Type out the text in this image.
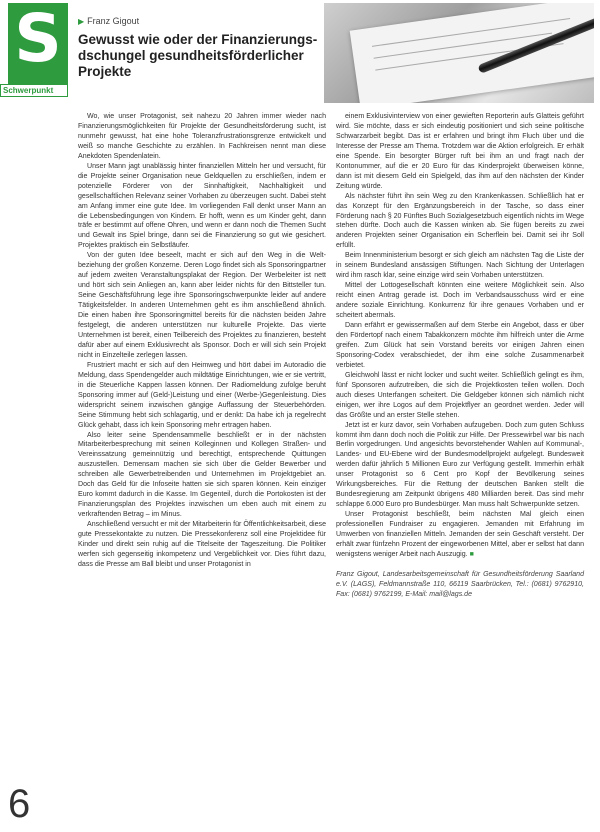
S
Schwerpunkt
▶ Franz Gigout
Gewusst wie oder der Finanzierungs-dschungel gesundheitsförderlicher Projekte

Wo, wie unser Protagonist, seit nahezu 20 Jahren immer wieder nach Finanzierungsmöglichkeiten für Projekte der Gesundheitsförderung sucht, ist nunmehr gewusst, hat eine hohe Toleranzfrustrationsgrenze entwickelt und weiß so manche Geschichte zu erzählen. In Fachkreisen nennt man diese Anekdoten Spendenlatein.

Unser Mann jagt unablässig hinter finanziellen Mitteln her und versucht, für die Projekte seiner Organisation neue Geldquellen zu erschließen, indem er potenzielle Förderer von der Sinnhaftigkeit, Nachhaltigkeit und gesellschaftlichen Relevanz seiner Vorhaben zu überzeugen sucht. Dabei steht am Anfang immer eine gute Idee. Im vorliegenden Fall denkt unser Mann an die Lebensbedingungen von Kindern. Er hofft, wenn es um Kinder geht, dann träfe er bestimmt auf offene Ohren, und wenn er dann noch die Themen Sucht und Gewalt ins Spiel bringe, dann sei die Finanzierung so gut wie gesichert. Projektes praktisch ein Selbstläufer.

Von der guten Idee beseelt, macht er sich auf den Weg in die Weltbeziehung der großen Konzerne. Deren Logo findet sich als Sponsoringpartner auf jedem zweiten Veranstaltungsplakat der Region. Der Werbeleiter ist nett und hört sich sein Anliegen an, kann aber leider nichts für den Bittsteller tun. Seine Geschäftsführung lege ihre Sponsoringschwerpunkte leider auf andere Tätigkeitsfelder. In anderen Unternehmen geht es ihm anschließend ähnlich. Die einen haben ihre Sponsoringmittel bereits für die nächsten beiden Jahre festgelegt, die anderen unterstützen nur kulturelle Projekte. Das vierte Unternehmen ist bereit, einen Teilbereich des Projektes zu finanzieren, besteht dafür aber auf einem Exklusivrecht als Sponsor. Doch er will sich sein Projekt nicht in Einzelteile zerlegen lassen.

Frustriert macht er sich auf den Heimweg und hört dabei im Autoradio die Meldung, dass Spendengelder auch mildtätige Einrichtungen, wie er sie vertritt, in die Steuerliche Kappen lassen können. Der Radiomeldung zufolge beruht Sponsoring immer auf (Geld-)Leistung und einer (Werbe-)Gegenleistung. Dies widerspricht seinem inzwischen gängige Auffassung der Steuerbehörden. Seine Stimmung hebt sich schlagartig, und er denkt: Da habe ich ja regelrecht Glück gehabt, dass ich kein Sponsoring mehr ertragen haben.

Also leiter seine Spendensammelle beschließt er in der nächsten Mitarbeiterbesprechung mit seinen Kolleginnen und Kollegen Straßen- und Vereinssatzung gemeinnützig und berechtigt, entsprechende Quittungen auszustellen. Demensam machen sie sich über die Gelder Bewerber und schreiben alle Gewerbetreibenden und Unternehmen im Projektgebiet an. Doch das Geld für die Infoseite hatten sie sich sparen können. Kein einziger Euro kommt dadurch in die Kasse. Im Gegenteil, durch die Portokosten ist der Finanzierungsplan des Projektes inzwischen um eben auch mit einem zu verkraftenden Betrag – im Minus.

Anschließend versucht er mit der Mitarbeiterin für Öffentlichkeitsarbeit, diese gute Pressekontakte zu nutzen. Die Pressekonferenz soll eine Projektidee für Kinder und direkt sein ruhig auf die Titelseite der Tageszeitung. Die Politiker werfen sich gegenseitig inkompetenz und Vergeblichkeit vor. Dies führt dazu, dass die Presse am Ball bleibt und unser Protagonist in

einem Exklusivinterview von einer gewieften Reporterin aufs Glatteis geführt wird. Sie möchte, dass er sich eindeutig positioniert und sich seine politische Schwarzarbeit begibt. Das ist er erfahren und bringt ihm Fluch über und die Interesse der Presse am Thema. Trotzdem war die Aktion erfolgreich. Er erhält eine Spende. Ein besorgter Bürger ruft bei ihm an und fragt nach der Kontonummer, auf die er 20 Euro für das Kinderprojekt überweisen könne, dann ist mit diesem Geld ein Spielgeld, das ihm auf den nächsten der Kinder Zeitung würde.

Als nächster führt ihn sein Weg zu den Krankenkassen. Schließlich hat er das Konzept für den Ergänzungsbereich in der Tasche, so dass einer Förderung nach § 20 Fünftes Buch Sozialgesetzbuch eigentlich nichts im Wege stehen dürfte. Doch auch die Kassen winken ab. Sie fügen bereits zu zwei anderen Projekten seiner Organisation ein Scherflein bei. Damit sei ihr Soll erfüllt.

Beim Innenministerium besorgt er sich gleich am nächsten Tag die Liste der in seinem Bundesland ansässigen Stiftungen. Nach Sichtung der Unterlagen wird ihm rasch klar, seine einzige wird sein Vorhaben unterstützen.

Mittel der Lottogesellschaft könnten eine weitere Möglichkeit sein. Also reicht einen Antrag gerade ist. Doch im Verbandsausschuss wird er eine andere soziale Einrichtung. Konkurrenz für ihre genaues Vorhaben und er scheitert abermals.

Dann erfährt er gewissermaßen auf dem Sterbe ein Angebot, dass er über den Fördertopf nach einem Tabakkonzern möchte ihm hilfreich unter die Arme greifen. Zum Glück hat sein Vorstand bereits vor einigen Jahren einen Sponsoring-Codex verabschiedet, der ihm eine solche Zusammenarbeit verbietet.

Gleichwohl lässt er nicht locker und sucht weiter. Schließlich gelingt es ihm, fünf Sponsoren aufzutreiben, die sich die Projektkosten teilen wollen. Doch auch dieses Unterfangen scheitert. Die Geldgeber können sich nämlich nicht einigen, wer ihre Logos auf dem Projektflyer an geordnet werden. Jeder will das Größte und an erster Stelle stehen.

Jetzt ist er kurz davor, sein Vorhaben aufzugeben. Doch zum guten Schluss kommt ihm dann doch noch die Politik zur Hilfe. Der Pressewirbel war bis nach Berlin vorgedrungen. Und angesichts bevorstehender Wahlen auf Kommunal-, Landes- und EU-Ebene wird der Bundesmodellprojekt aufgelegt. Bundesweit werden dafür jährlich 5 Millionen Euro zur Verfügung gestellt. Immerhin erhält unser Protagonist so 6 Cent pro Kopf der Bevölkerung seines Wirkungsbereiches. Für die Rettung der deutschen Banken stellt die Bundesregierung am Zeitpunkt übrigens 480 Milliarden bereit. Das sind mehr schlappe 6.000 Euro pro Bundesbürger. Man muss halt Schwerpunkte setzen.

Unser Protagonist beschließt, beim nächsten Mal gleich einen professionellen Fundraiser zu engagieren. Jemanden mit Erfahrung im Umwerben von finanziellen Mitteln. Jemanden der sein Geschäft versteht. Der erhält zwar fünfzehn Prozent der eingeworbenen Mittel, aber er selbst hat dann wenigstens weniger Arbeit nach Auszugig. ■

Franz Gigout, Landesarbeitsgemeinschaft für Gesundheitsförderung Saarland e.V. (LAGS), Feldmannstraße 110, 66119 Saarbrücken, Tel.: (0681) 9762910, Fax: (0681) 9762199, E-Mail: mail@lags.de

6
